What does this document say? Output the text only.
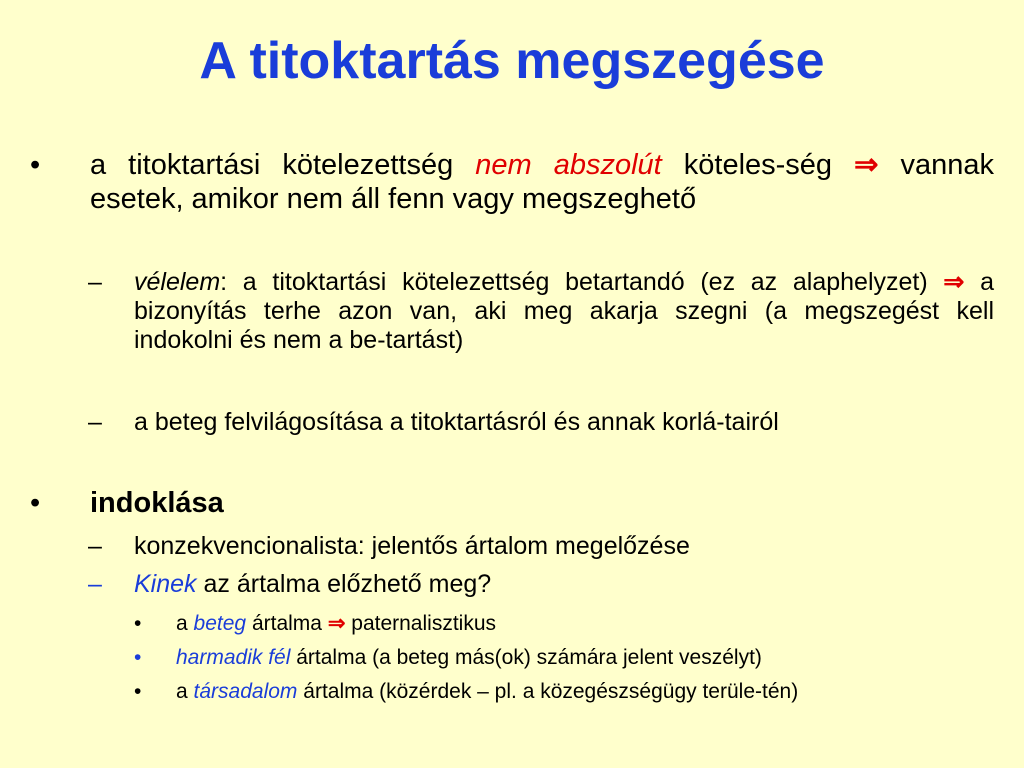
A titoktartás megszegése
• a titoktartási kötelezettség nem abszolút köteles-ség ⇒ vannak esetek, amikor nem áll fenn vagy megszeghető
– vélelem: a titoktartási kötelezettség betartandó (ez az alaphelyzet) ⇒ a bizonyítás terhe azon van, aki meg akarja szegni (a megszegést kell indokolni és nem a be-tartást)
– a beteg felvilágosítása a titoktartásról és annak korlá-tairól
• indoklása
– konzekvencionalista: jelentős ártalom megelőzése
– Kinek az ártalma előzhető meg?
• a beteg ártalma ⇒ paternalisztikus
• harmadik fél ártalma (a beteg más(ok) számára jelent veszélyt)
• a társadalom ártalma (közérdek – pl. a közegészségügy terüle-tén)
